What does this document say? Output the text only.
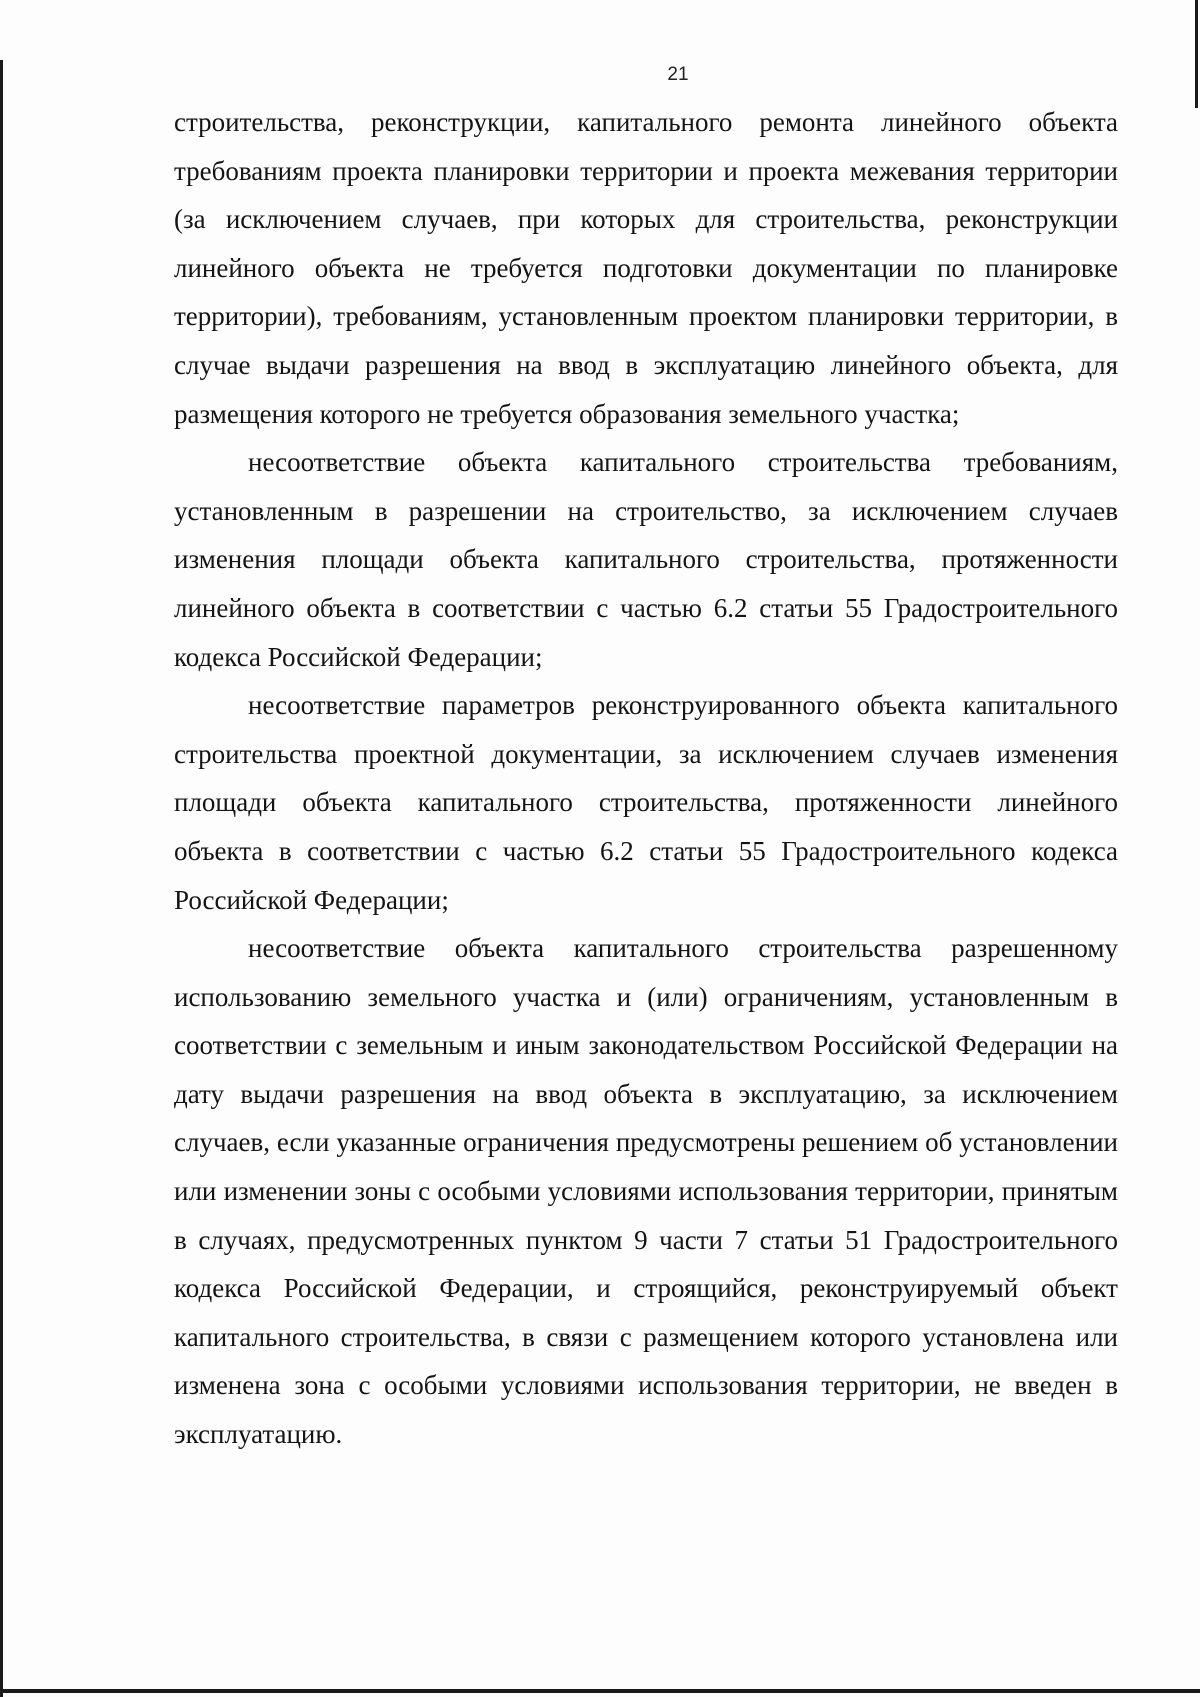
21

строительства, реконструкции, капитального ремонта линейного объекта требованиям проекта планировки территории и проекта межевания территории (за исключением случаев, при которых для строительства, реконструкции линейного объекта не требуется подготовки документации по планировке территории), требованиям, установленным проектом планировки территории, в случае выдачи разрешения на ввод в эксплуатацию линейного объекта, для размещения которого не требуется образования земельного участка;

несоответствие объекта капитального строительства требованиям, установленным в разрешении на строительство, за исключением случаев изменения площади объекта капитального строительства, протяженности линейного объекта в соответствии с частью 6.2 статьи 55 Градостроительного кодекса Российской Федерации;

несоответствие параметров реконструированного объекта капитального строительства проектной документации, за исключением случаев изменения площади объекта капитального строительства, протяженности линейного объекта в соответствии с частью 6.2 статьи 55 Градостроительного кодекса Российской Федерации;

несоответствие объекта капитального строительства разрешенному использованию земельного участка и (или) ограничениям, установленным в соответствии с земельным и иным законодательством Российской Федерации на дату выдачи разрешения на ввод объекта в эксплуатацию, за исключением случаев, если указанные ограничения предусмотрены решением об установлении или изменении зоны с особыми условиями использования территории, принятым в случаях, предусмотренных пунктом 9 части 7 статьи 51 Градостроительного кодекса Российской Федерации, и строящийся, реконструируемый объект капитального строительства, в связи с размещением которого установлена или изменена зона с особыми условиями использования территории, не введен в эксплуатацию.
